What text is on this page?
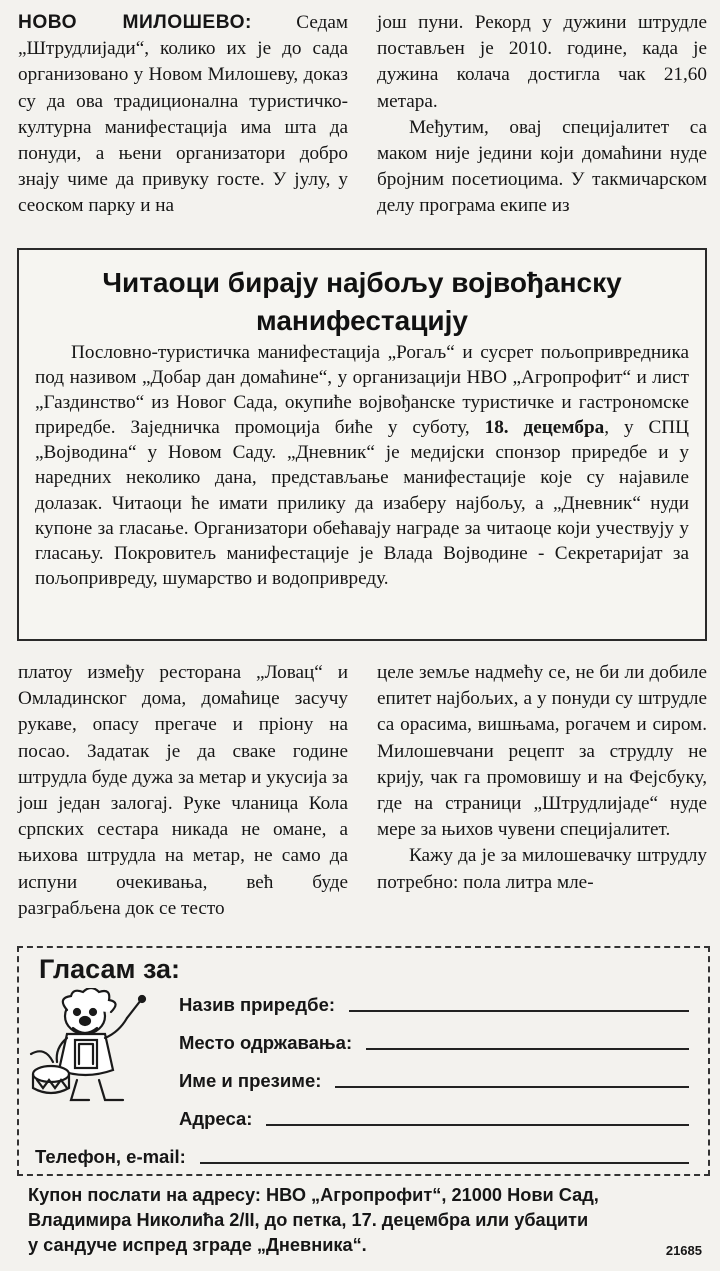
НОВО МИЛОШЕВО: Седам „Штрудлијади“, колико их је до сада организовано у Новом Милошеву, доказ су да ова традиционална туристичко-културна манифестација има шта да понуди, а њени организатори добро знају чиме да привуку госте. У јулу, у сеоском парку и на

још пуни. Рекорд у дужини штрудле постављен је 2010. године, када је дужина колача достигла чак 21,60 метара.

Међутим, овај специјалитет са маком није једини који домаћини нуде бројним посетиоцима. У такмичарском делу програма екипе из

Читаоци бирају најбољу војвођанску манифестацију
Пословно-туристичка манифестација „Рогаљ“ и сусрет пољопривредника под називом „Добар дан домаћине“, у организацији НВО „Агропрофит“ и лист „Газдинство“ из Новог Сада, окупиће војвођанске туристичке и гастрономске приредбе. Заједничка промоција биће у суботу, 18. децембра, у СПЦ „Војводина“ у Новом Саду. „Дневник“ је медијски спонзор приредбе и у наредних неколико дана, представљање манифестације које су најавиле долазак. Читаоци ће имати прилику да изаберу најбољу, а „Дневник“ нуди купоне за гласање. Организатори обећавају награде за читаоце који учествују у гласању. Покровитељ манифестације је Влада Војводине - Секретаријат за пољопривреду, шумарство и водопривреду.

платоу између ресторана „Ловац“ и Омладинског дома, домаћице засучу рукаве, опасу прегаче и пріону на посао. Задатак је да сваке године штрудла буде дужа за метар и укусија за још један залогај. Руке чланица Кола српских сестара никада не омане, а њихова штрудла на метар, не само да испуни очекивања, већ буде разграбљена док се тесто

целе земље надмећу се, не би ли добиле епитет најбољих, а у понуди су штрудле са орасима, вишњама, рогачем и сиром. Милошевчани рецепт за струдлу не крију, чак га промовишу и на Фејсбуку, где на страници „Штрудлијаде“ нуде мере за њихов чувени специјалитет.

Кажу да је за милошевачку штрудлу потребно: пола литра мле-

Гласам за:

Назив приредбе:
Место одржавања:
Име и презиме:
Адреса:
Телефон, e-mail:
Купон послати на адресу: НВО „Агропрофит“, 21000 Нови Сад,
Владимира Николића 2/II, до петка, 17. децембра или убацити
у сандуче испред зграде „Дневника“.	21685
